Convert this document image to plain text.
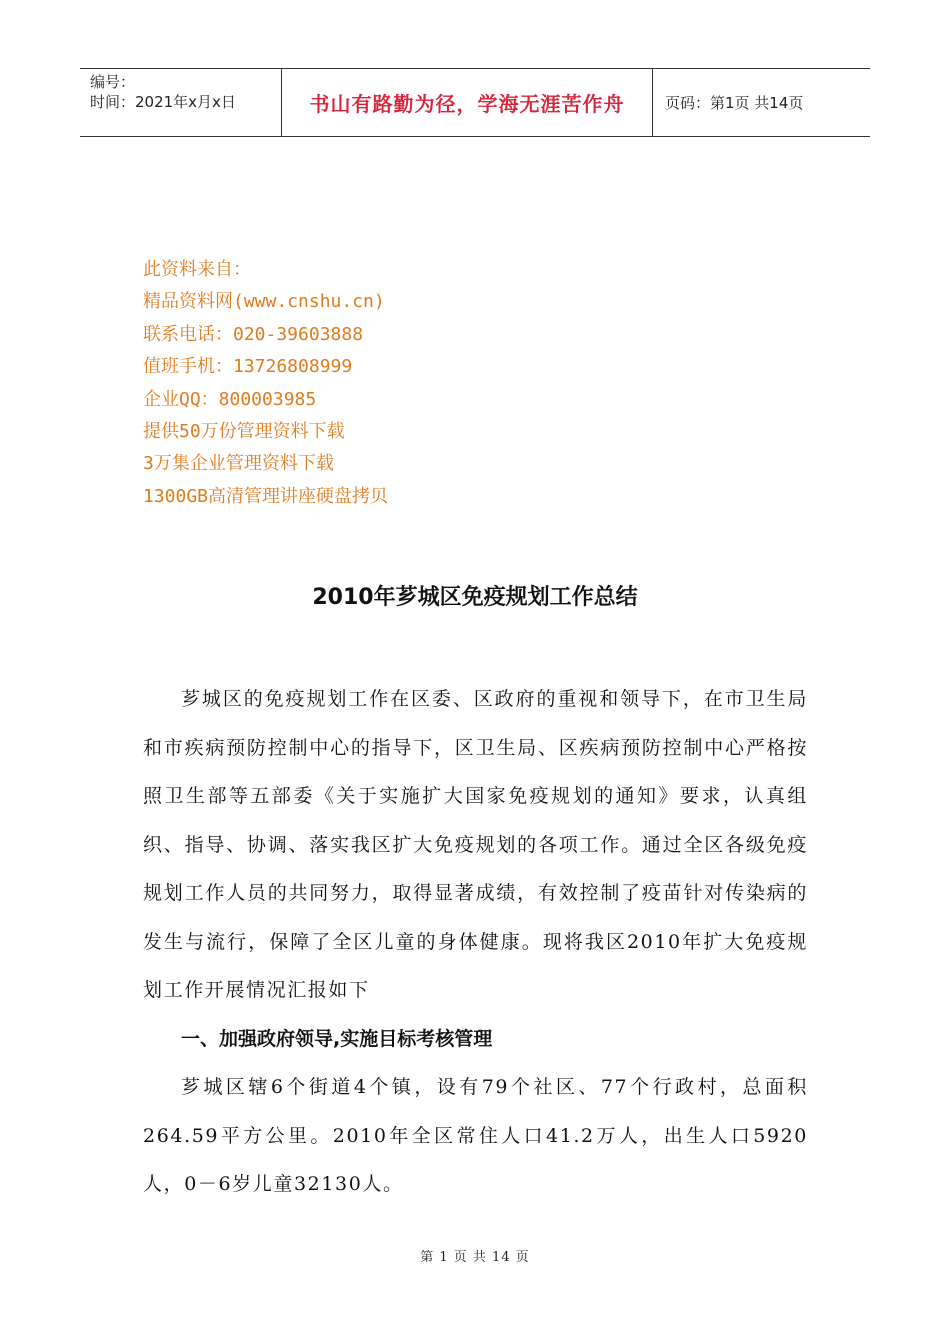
编号：
时间：2021年x月x日	书山有路勤为径，学海无涯苦作舟	页码：第1页 共14页
此资料来自：
精品资料网(www.cnshu.cn)
联系电话：020-39603888
值班手机：13726808999
企业QQ：800003985
提供50万份管理资料下载
3万集企业管理资料下载
1300GB高清管理讲座硬盘拷贝
2010年芗城区免疫规划工作总结

芗城区的免疫规划工作在区委、区政府的重视和领导下，在市卫生局和市疾病预防控制中心的指导下，区卫生局、区疾病预防控制中心严格按照卫生部等五部委《关于实施扩大国家免疫规划的通知》要求，认真组织、指导、协调、落实我区扩大免疫规划的各项工作。通过全区各级免疫规划工作人员的共同努力，取得显著成绩，有效控制了疫苗针对传染病的发生与流行，保障了全区儿童的身体健康。现将我区2010年扩大免疫规划工作开展情况汇报如下

一、加强政府领导,实施目标考核管理

芗城区辖6个街道4个镇，设有79个社区、77个行政村，总面积264.59平方公里。2010年全区常住人口41.2万人，出生人口5920人，0－6岁儿童32130人。

第 1 页 共 14 页
